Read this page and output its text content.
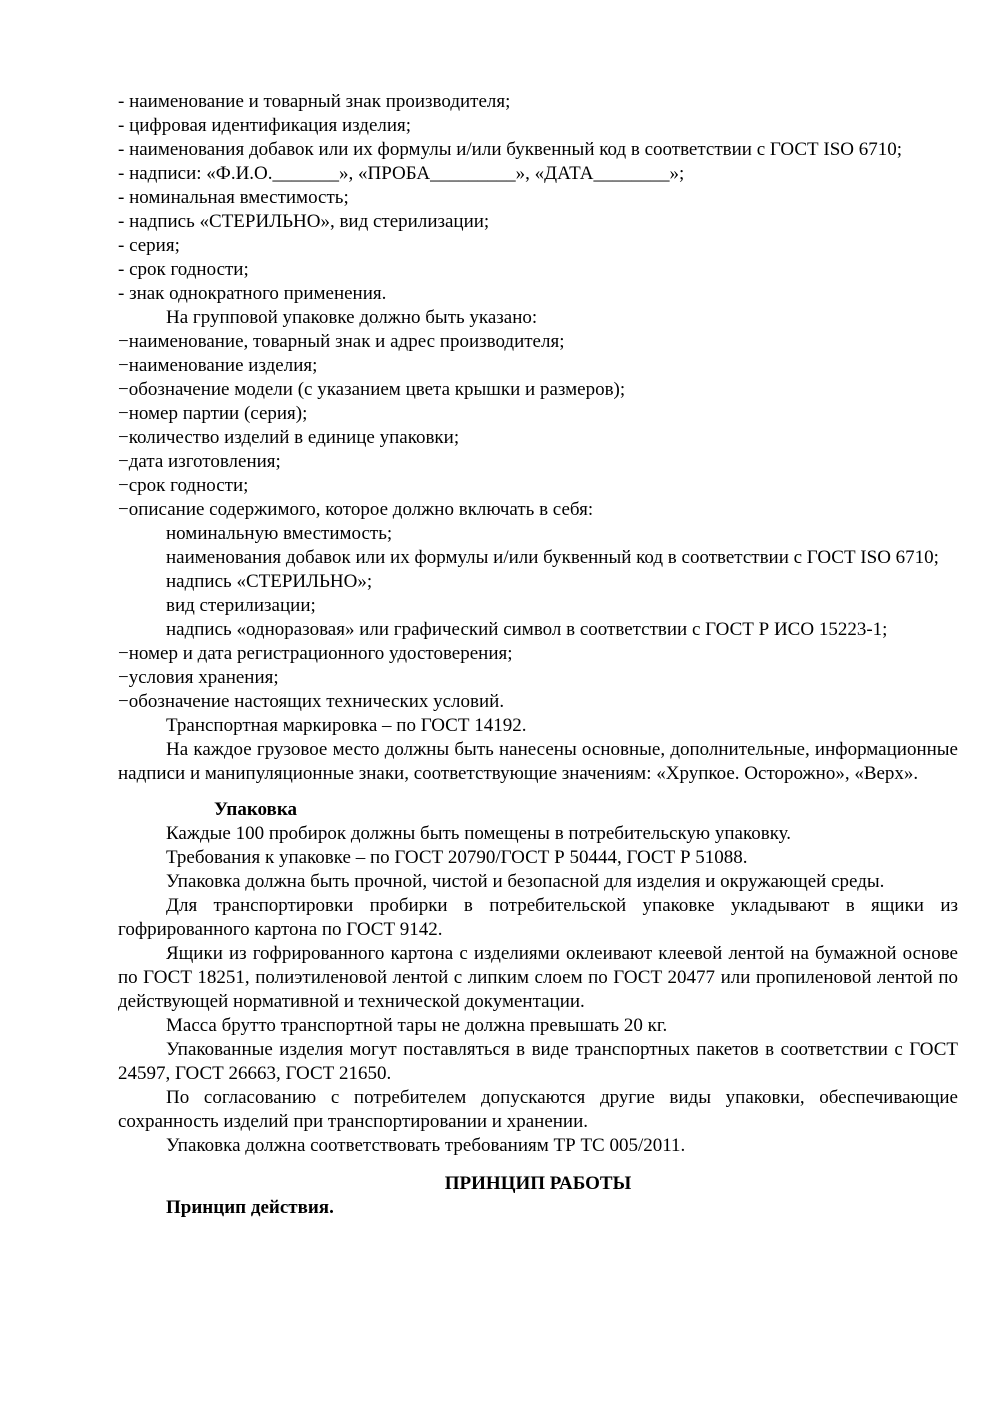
- наименование и товарный знак производителя;

- цифровая идентификация изделия;

- наименования добавок или их формулы и/или буквенный код в соответствии с ГОСТ ISO 6710;

- надписи: «Ф.И.О._______», «ПРОБА_________», «ДАТА________»;

- номинальная вместимость;

- надпись «СТЕРИЛЬНО», вид стерилизации;

- серия;

- срок годности;

- знак однократного применения.

На групповой упаковке должно быть указано:

−наименование, товарный знак и адрес производителя;

−наименование изделия;

−обозначение модели (с указанием цвета крышки и размеров);

−номер партии (серия);

−количество изделий в единице упаковки;

−дата изготовления;

−срок годности;

−описание содержимого, которое должно включать в себя:

номинальную вместимость;

наименования добавок или их формулы и/или буквенный код в соответствии с ГОСТ ISO 6710;

надпись «СТЕРИЛЬНО»;

вид стерилизации;

надпись «одноразовая» или графический символ в соответствии с ГОСТ Р ИСО 15223-1;

−номер и дата регистрационного удостоверения;

−условия хранения;

−обозначение настоящих технических условий.

Транспортная маркировка – по ГОСТ 14192.

На каждое грузовое место должны быть нанесены основные, дополнительные, информационные надписи и манипуляционные знаки, соответствующие значениям: «Хрупкое. Осторожно», «Верх».

Упаковка

Каждые 100 пробирок должны быть помещены в потребительскую упаковку.

Требования к упаковке – по ГОСТ 20790/ГОСТ Р 50444, ГОСТ Р 51088.

Упаковка должна быть прочной, чистой и безопасной для изделия и окружающей среды.

Для транспортировки пробирки в потребительской упаковке укладывают в ящики из гофрированного картона по ГОСТ 9142.

Ящики из гофрированного картона с изделиями оклеивают клеевой лентой на бумажной основе по ГОСТ 18251, полиэтиленовой лентой с липким слоем по ГОСТ 20477 или пропиленовой лентой по действующей нормативной и технической документации.

Масса брутто транспортной тары не должна превышать 20 кг.

Упакованные изделия могут поставляться в виде транспортных пакетов в соответствии с ГОСТ 24597, ГОСТ 26663, ГОСТ 21650.

По согласованию с потребителем допускаются другие виды упаковки, обеспечивающие сохранность изделий при транспортировании и хранении.

Упаковка должна соответствовать требованиям ТР ТС 005/2011.

ПРИНЦИП РАБОТЫ

Принцип действия.
